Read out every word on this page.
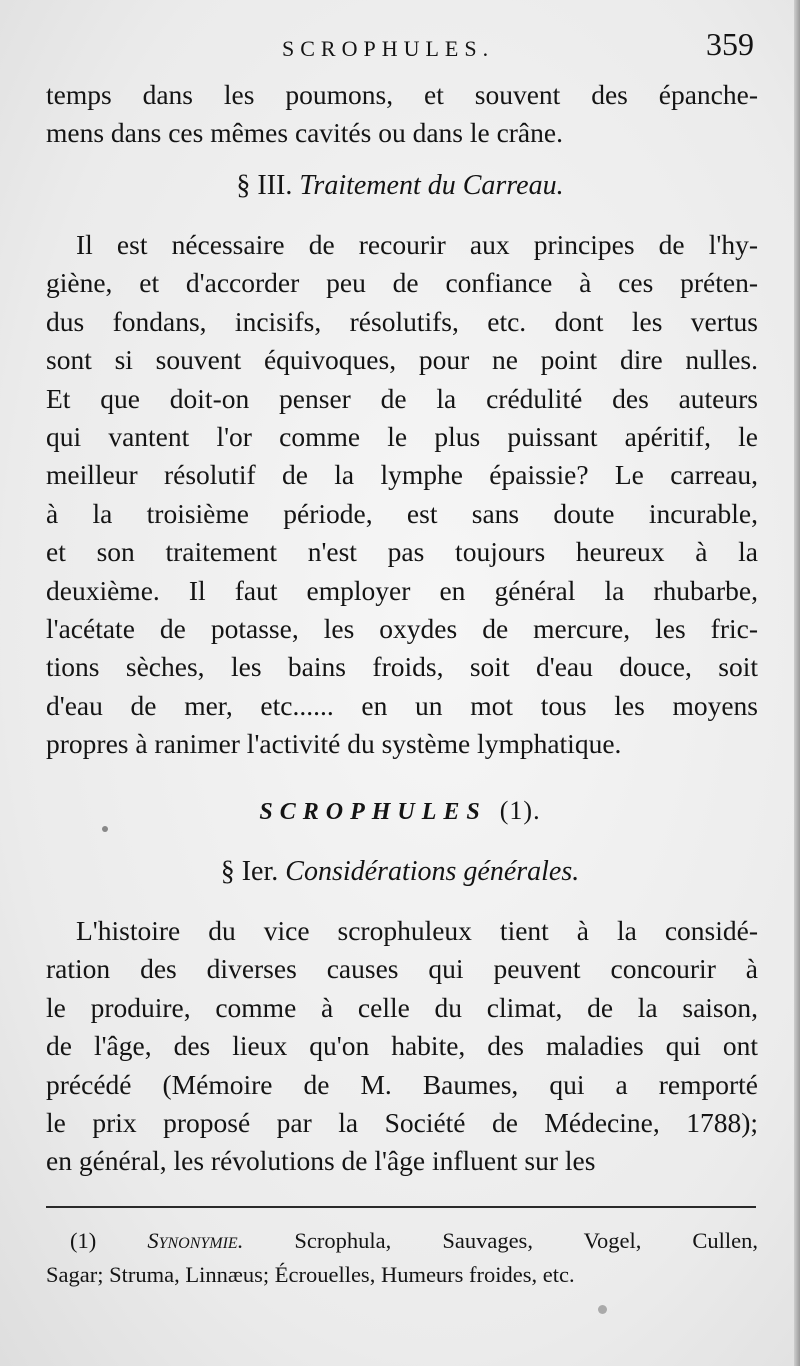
SCROPHULES.	359
temps dans les poumons, et souvent des épanche-
mens dans ces mêmes cavités ou dans le crâne.
§ III. Traitement du Carreau.
Il est nécessaire de recourir aux principes de l'hy-
giène, et d'accorder peu de confiance à ces préten-
dus fondans, incisifs, résolutifs, etc. dont les vertus
sont si souvent équivoques, pour ne point dire nulles.
Et que doit-on penser de la crédulité des auteurs
qui vantent l'or comme le plus puissant apéritif, le
meilleur résolutif de la lymphe épaissie? Le carreau,
à la troisième période, est sans doute incurable,
et son traitement n'est pas toujours heureux à la
deuxième. Il faut employer en général la rhubarbe,
l'acétate de potasse, les oxydes de mercure, les fric-
tions sèches, les bains froids, soit d'eau douce, soit
d'eau de mer, etc...... en un mot tous les moyens
propres à ranimer l'activité du système lymphatique.
SCROPHULES (1).
§ Ier. Considérations générales.
L'histoire du vice scrophuleux tient à la considé-
ration des diverses causes qui peuvent concourir à
le produire, comme à celle du climat, de la saison,
de l'âge, des lieux qu'on habite, des maladies qui ont
précédé (Mémoire de M. Baumes, qui a remporté
le prix proposé par la Société de Médecine, 1788);
en général, les révolutions de l'âge influent sur les
(1) Synonymie. Scrophula, Sauvages, Vogel, Cullen,
Sagar; Struma, Linnæus; Écrouelles, Humeurs froides, etc.
